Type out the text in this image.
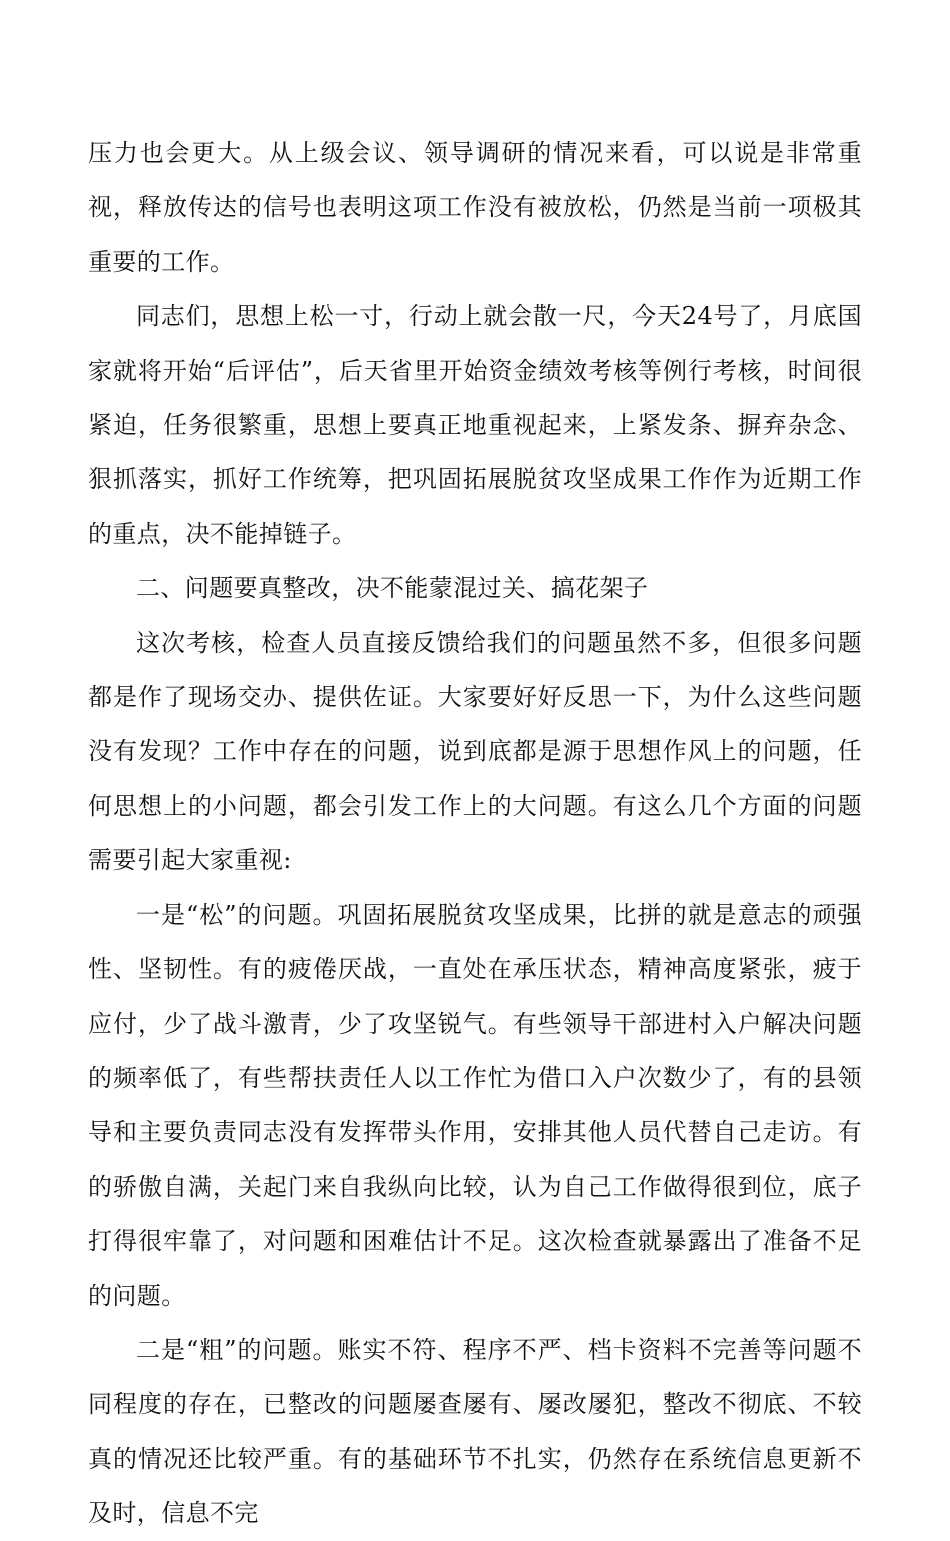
压力也会更大。从上级会议、领导调研的情况来看，可以说是非常重视，释放传达的信号也表明这项工作没有被放松，仍然是当前一项极其重要的工作。

同志们，思想上松一寸，行动上就会散一尺，今天24号了，月底国家就将开始“后评估”，后天省里开始资金绩效考核等例行考核，时间很紧迫，任务很繁重，思想上要真正地重视起来，上紧发条、摒弃杂念、狠抓落实，抓好工作统筹，把巩固拓展脱贫攻坚成果工作作为近期工作的重点，决不能掉链子。

二、问题要真整改，决不能蒙混过关、搞花架子

这次考核，检查人员直接反馈给我们的问题虽然不多，但很多问题都是作了现场交办、提供佐证。大家要好好反思一下，为什么这些问题没有发现？工作中存在的问题，说到底都是源于思想作风上的问题，任何思想上的小问题，都会引发工作上的大问题。有这么几个方面的问题需要引起大家重视:

一是“松”的问题。巩固拓展脱贫攻坚成果，比拼的就是意志的顽强性、坚韧性。有的疲倦厌战，一直处在承压状态，精神高度紧张，疲于应付，少了战斗激青，少了攻坚锐气。有些领导干部进村入户解决问题的频率低了，有些帮扶责任人以工作忙为借口入户次数少了，有的县领导和主要负责同志没有发挥带头作用，安排其他人员代替自己走访。有的骄傲自满，关起门来自我纵向比较，认为自己工作做得很到位，底子打得很牢靠了，对问题和困难估计不足。这次检查就暴露出了准备不足的问题。

二是“粗”的问题。账实不符、程序不严、档卡资料不完善等问题不同程度的存在，已整改的问题屡查屡有、屡改屡犯，整改不彻底、不较真的情况还比较严重。有的基础环节不扎实，仍然存在系统信息更新不及时，信息不完
